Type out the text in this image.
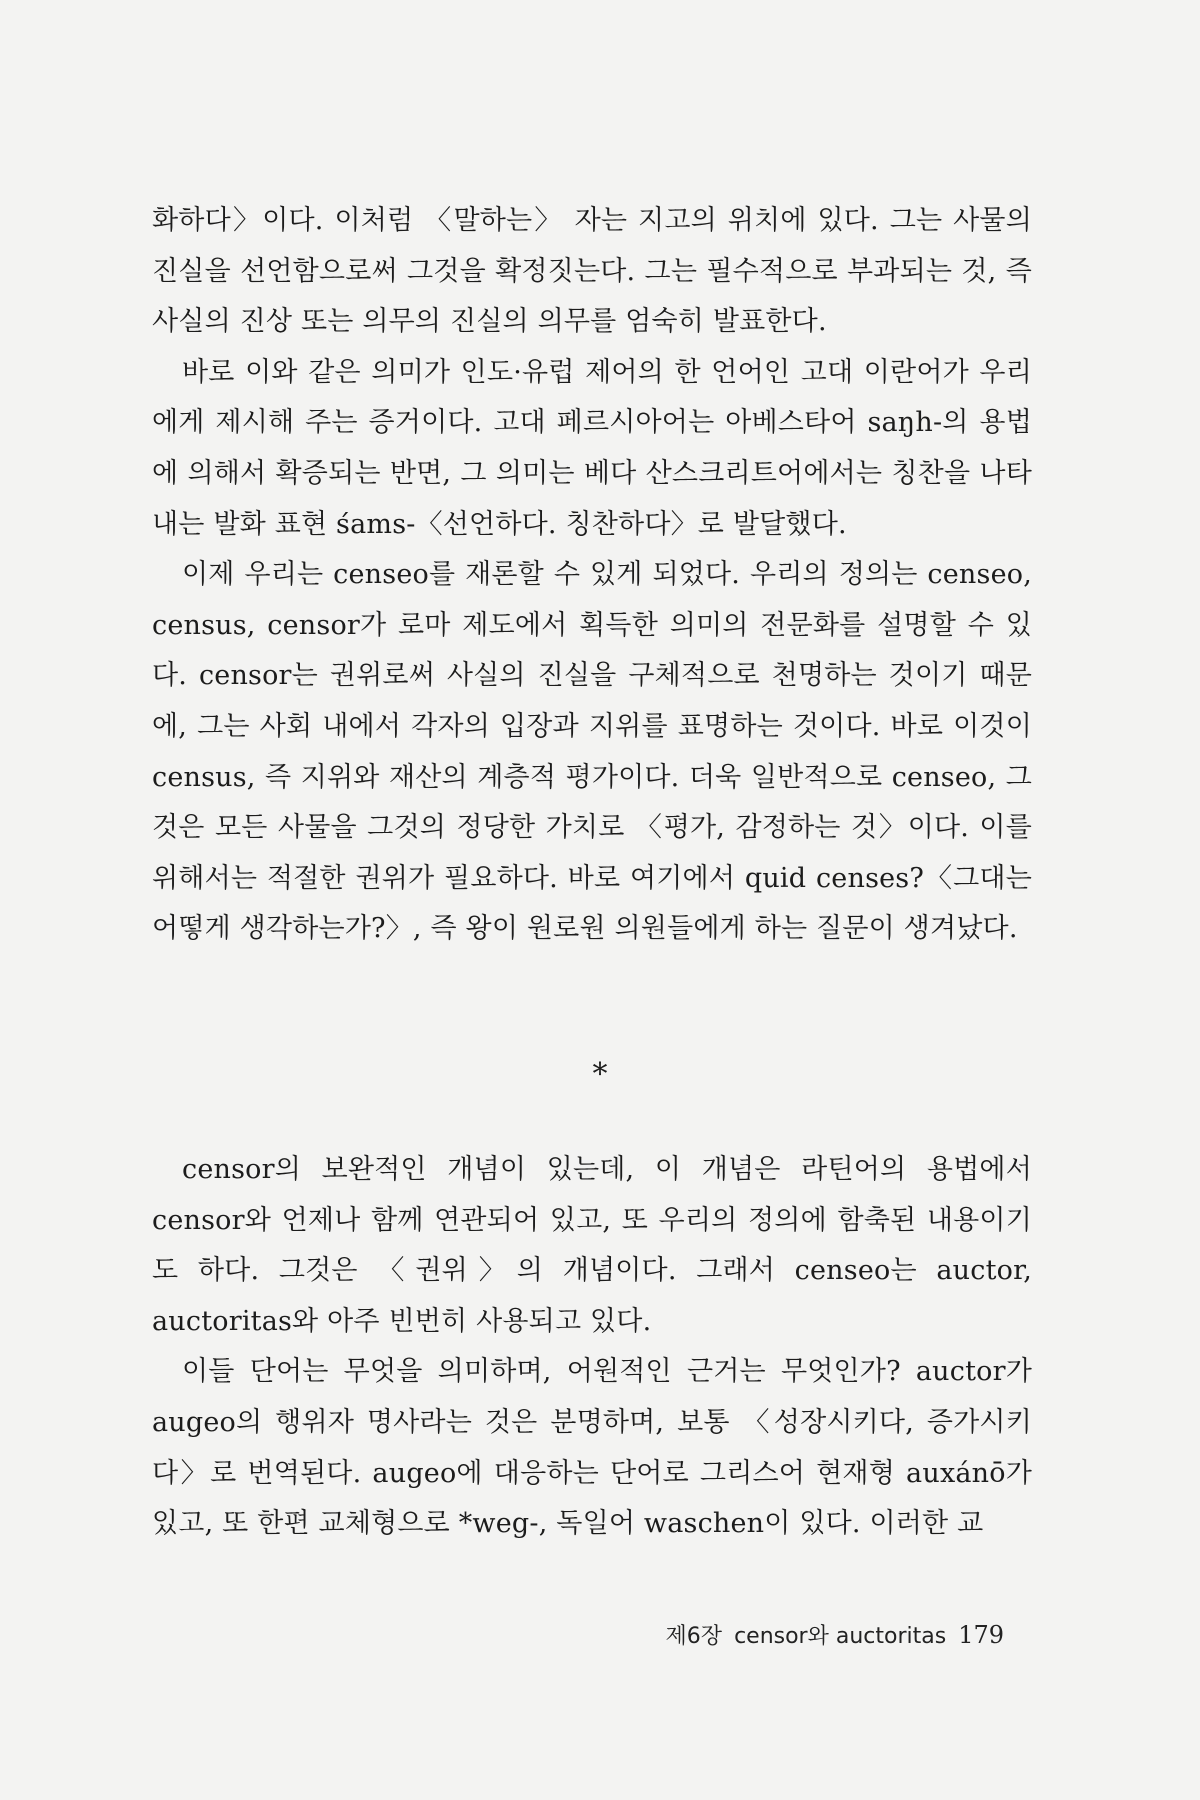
화하다〉이다. 이처럼 〈말하는〉 자는 지고의 위치에 있다. 그는 사물의 진실을 선언함으로써 그것을 확정짓는다. 그는 필수적으로 부과되는 것, 즉 사실의 진상 또는 의무의 진실의 의무를 엄숙히 발표한다.

바로 이와 같은 의미가 인도·유럽 제어의 한 언어인 고대 이란어가 우리에게 제시해 주는 증거이다. 고대 페르시아어는 아베스타어 saŋh-의 용법에 의해서 확증되는 반면, 그 의미는 베다 산스크리트어에서는 칭찬을 나타내는 발화 표현 śams-〈선언하다. 칭찬하다〉로 발달했다.

이제 우리는 censeo를 재론할 수 있게 되었다. 우리의 정의는 censeo, census, censor가 로마 제도에서 획득한 의미의 전문화를 설명할 수 있다. censor는 권위로써 사실의 진실을 구체적으로 천명하는 것이기 때문에, 그는 사회 내에서 각자의 입장과 지위를 표명하는 것이다. 바로 이것이 census, 즉 지위와 재산의 계층적 평가이다. 더욱 일반적으로 censeo, 그것은 모든 사물을 그것의 정당한 가치로 〈평가, 감정하는 것〉이다. 이를 위해서는 적절한 권위가 필요하다. 바로 여기에서 quid censes?〈그대는 어떻게 생각하는가?〉, 즉 왕이 원로원 의원들에게 하는 질문이 생겨났다.

*

censor의 보완적인 개념이 있는데, 이 개념은 라틴어의 용법에서 censor와 언제나 함께 연관되어 있고, 또 우리의 정의에 함축된 내용이기도 하다. 그것은 〈권위〉의 개념이다. 그래서 censeo는 auctor, auctoritas와 아주 빈번히 사용되고 있다.

이들 단어는 무엇을 의미하며, 어원적인 근거는 무엇인가? auctor가 augeo의 행위자 명사라는 것은 분명하며, 보통 〈성장시키다, 증가시키다〉로 번역된다. augeo에 대응하는 단어로 그리스어 현재형 auxánō가 있고, 또 한편 교체형으로 *weg-, 독일어 waschen이 있다. 이러한 교

제6장 censor와 auctoritas 179
